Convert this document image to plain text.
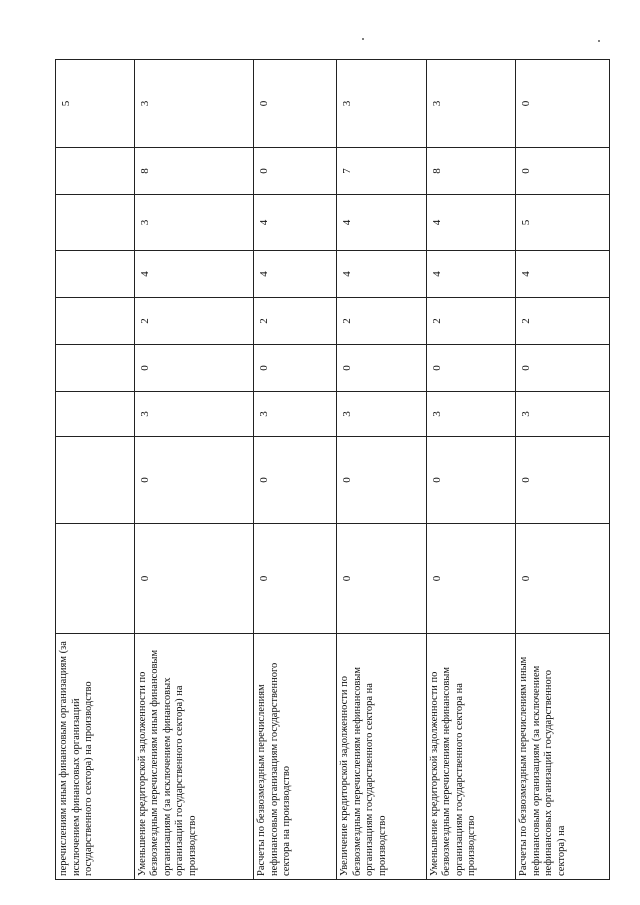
перечислениям иным финансовым организациям (за исключением финансовых организаций государственного сектора) на производство									5
Уменьшение кредиторской задолженности по безвозмездным перечислениям иным финансовым организациям (за исключением финансовых организаций государственного сектора) на производство	0	0	3	0	2	4	3	8	3
Расчеты по безвозмездным перечислениям нефинансовым организациям государственного сектора на производство	0	0	3	0	2	4	4	0	0
Увеличение кредиторской задолженности по безвозмездным перечислениям нефинансовым организациям государственного сектора на производство	0	0	3	0	2	4	4	7	3
Уменьшение кредиторской задолженности по безвозмездным перечислениям нефинансовым организациям государственного сектора на производство	0	0	3	0	2	4	4	8	3
Расчеты по безвозмездным перечислениям иным нефинансовым организациям (за исключением нефинансовых организаций государственного сектора) на	0	0	3	0	2	4	5	0	0
